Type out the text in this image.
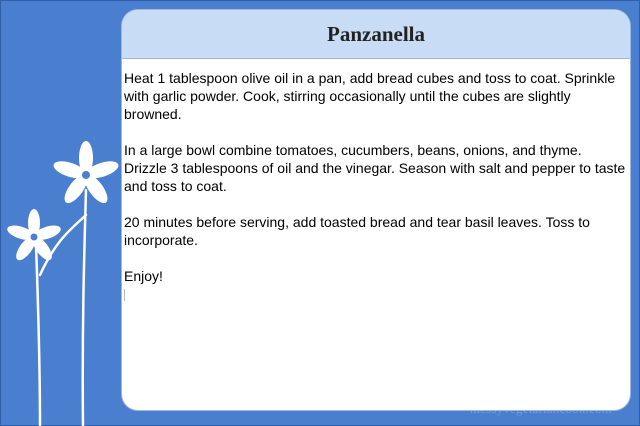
Panzanella

Heat 1 tablespoon olive oil in a pan, add bread cubes and toss to coat. Sprinkle with garlic powder. Cook, stirring occasionally until the cubes are slightly browned.

In a large bowl combine tomatoes, cucumbers, beans, onions, and thyme. Drizzle 3 tablespoons of oil and the vinegar. Season with salt and pepper to taste and toss to coat.

20 minutes before serving, add toasted bread and tear basil leaves. Toss to incorporate.

Enjoy!
